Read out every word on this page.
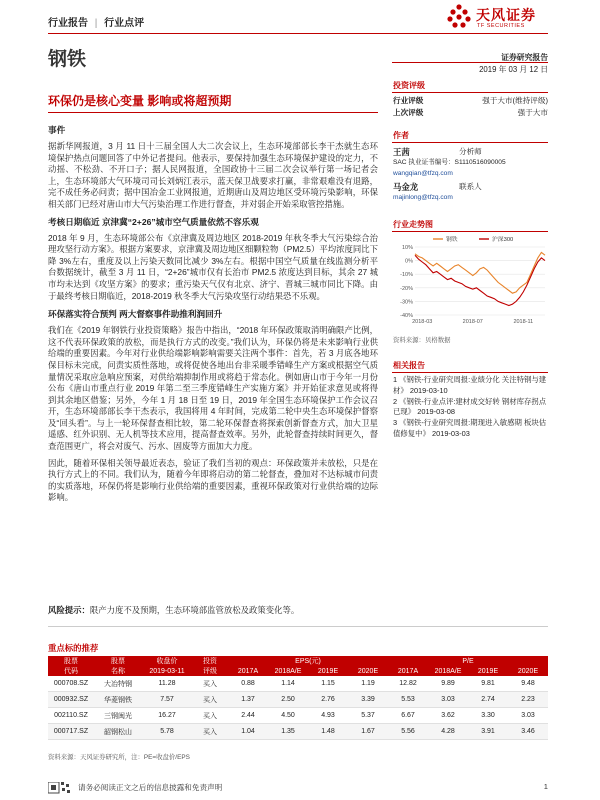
行业报告 | 行业点评
天风证券
TF SECURITIES
钢铁	证券研究报告
2019 年 03 月 12 日
环保仍是核心变量 影响或将超预期
投资评级
行业评级	强于大市(维持评级)
上次评级	强于大市
作者
王茜	分析师
SAC 执业证书编号：S1110516090005
wangqian@tfzq.com
马金龙	联系人
majinlong@tfzq.com
行业走势图
10%
0%
-10%
-20%
-30%
-40%
2018-03	2018-07	2018-11
钢铁	沪深300
资料来源：贝格数据
相关报告
1 《钢铁-行业研究周报:业绩分化 关注特钢与建材》 2019-03-10
2 《钢铁-行业点评:建材成交好转 钢材库存拐点已现》 2019-03-08
3 《钢铁-行业研究周报:期现进入敏感期 板块估值修复中》 2019-03-03
事件

据新华网报道，3 月 11 日十三届全国人大二次会议上，生态环境部部长李干杰就生态环境保护热点问题回答了中外记者提问。他表示，要保持加强生态环境保护建设的定力，不动摇、不松劲、不开口子；据人民网报道，全国政协十三届二次会议举行第一场记者会上，生态环境部大气环境司司长刘炳江表示，蓝天保卫战要求打赢，非常艰难没有退路，完不成任务必问责；据中国冶金工业网报道，近期唐山及周边地区受环境污染影响，环保相关部门已经对唐山市大气污染治理工作进行督查，并对弱企开始采取管控措施。

考核日期临近 京津冀“2+26”城市空气质量依然不容乐观

2018 年 9 月，生态环境部公布《京津冀及周边地区 2018-2019 年秋冬季大气污染综合治理攻坚行动方案》。根据方案要求，京津冀及周边地区细颗粒物（PM2.5）平均浓度同比下降 3%左右，重度及以上污染天数同比减少 3%左右。根据中国空气质量在线监测分析平台数据统计，截至 3 月 11 日，“2+26”城市仅有长治市 PM2.5 浓度达到目标，其余 27 城市均未达到《攻坚方案》的要求；重污染天气仅有北京、济宁、晋城三城市同比下降。由于最终考核日期临近，2018-2019 秋冬季大气污染攻坚行动结果恐不乐观。

环保落实符合预判 两大督察事件助推利润回升

我们在《2019 年钢铁行业投资策略》报告中指出，“2018 年环保政策取消明确限产比例，这不代表环保政策的放松，而是执行方式的改变。”我们认为，环保仍将是未来影响行业供给端的重要因素。今年对行业供给端影响影响需要关注两个事件：首先，若 3 月底各地环保目标未完成，问责实质性落地，或将促使各地出台非采暖季错峰生产方案或根据空气质量情况采取应急响应预案，对供给端抑制作用或将趋于常态化。例如唐山市于今年一月份公布《唐山市重点行业 2019 年第二至三季度错峰生产实施方案》并开始征求意见或将得到其余地区借鉴；另外，今年 1 月 18 日至 19 日，2019 年全国生态环境保护工作会议召开，生态环境部部长李干杰表示，我国将用 4 年时间，完成第二轮中央生态环境保护督察及“回头看”。与上一轮环保督查相比较，第二轮环保督查将探索创新督查方式，加大卫星遥感、红外识别、无人机等技术应用，提高督查效率。另外，此轮督查持续时间更久，督查范围更广，将会对废气、污水、固废等方面加大力度。

因此，随着环保相关领导最近表态，验证了我们当初的观点：环保政策并未放松，只是在执行方式上的不同。我们认为，随着今年即将启动的第二轮督查，叠加对不达标城市问责的实质落地，环保仍将是影响行业供给端的重要因素，重视环保政策对行业供给端的边际影响。

风险提示：限产力度不及预期，生态环境部监管放松及政策变化等。
重点标的推荐
股票	股票	收盘价	投资	EPS(元)				P/E			
代码	名称	2019-03-11	评级	2017A	2018A/E	2019E	2020E	2017A	2018A/E	2019E	2020E
000708.SZ	大冶特钢	11.28	买入	0.88	1.14	1.15	1.19	12.82	9.89	9.81	9.48
000932.SZ	华菱钢铁	7.57	买入	1.37	2.50	2.76	3.39	5.53	3.03	2.74	2.23
002110.SZ	三钢闽光	16.27	买入	2.44	4.50	4.93	5.37	6.67	3.62	3.30	3.03
000717.SZ	韶钢松山	5.78	买入	1.04	1.35	1.48	1.67	5.56	4.28	3.91	3.46
资料来源：天风证券研究所，注：PE=收盘价/EPS
请务必阅读正文之后的信息披露和免责声明	1
